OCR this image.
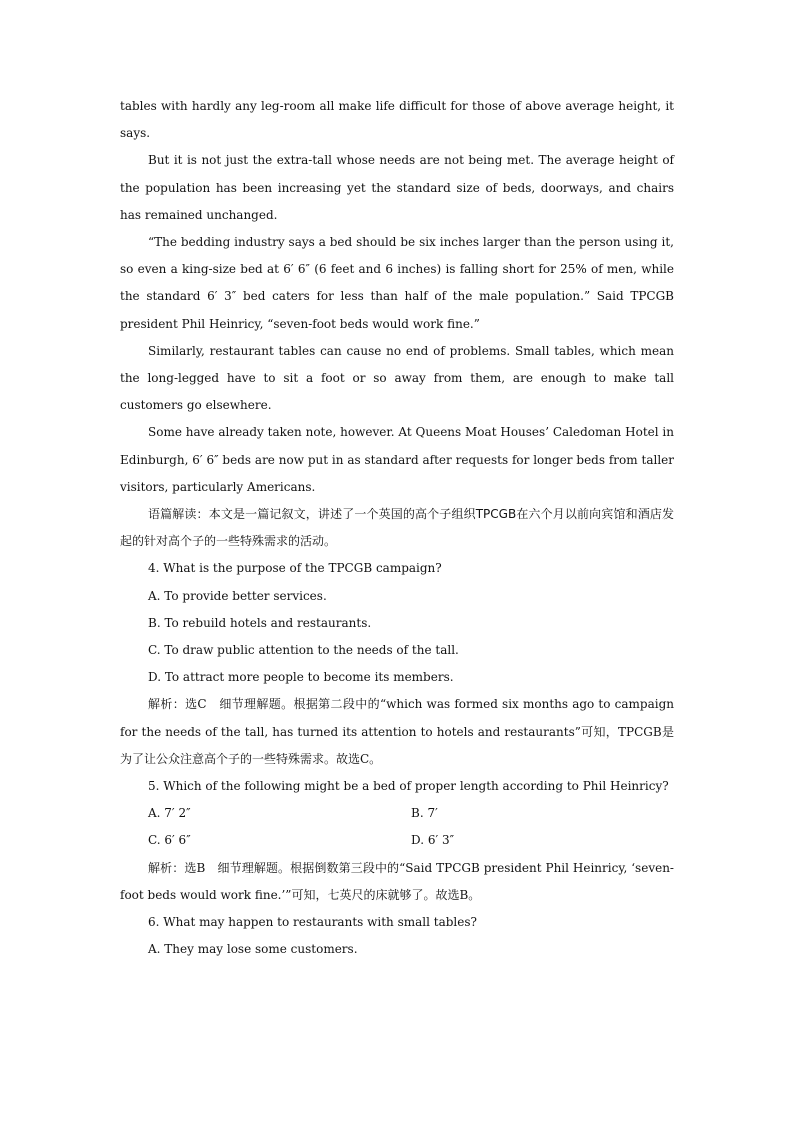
tables with hardly any leg-room all make life difficult for those of above average height, it says.

But it is not just the extra-tall whose needs are not being met. The average height of the population has been increasing yet the standard size of beds, doorways, and chairs has remained unchanged.

“The bedding industry says a bed should be six inches larger than the person using it, so even a king-size bed at 6′ 6″ (6 feet and 6 inches) is falling short for 25% of men, while the standard 6′ 3″ bed caters for less than half of the male population.” Said TPCGB president Phil Heinricy, “seven-foot beds would work fine.”

Similarly, restaurant tables can cause no end of problems. Small tables, which mean the long-legged have to sit a foot or so away from them, are enough to make tall customers go elsewhere.

Some have already taken note, however. At Queens Moat Houses’ Caledoman Hotel in Edinburgh, 6′ 6″ beds are now put in as standard after requests for longer beds from taller visitors, particularly Americans.

语篇解读：本文是一篇记叙文，讲述了一个英国的高个子组织TPCGB在六个月以前向宾馆和酒店发起的针对高个子的一些特殊需求的活动。

4. What is the purpose of the TPCGB campaign?

A. To provide better services.

B. To rebuild hotels and restaurants.

C. To draw public attention to the needs of the tall.

D. To attract more people to become its members.

解析：选C　细节理解题。根据第二段中的“which was formed six months ago to campaign for the needs of the tall, has turned its attention to hotels and restaurants”可知，TPCGB是为了让公众注意高个子的一些特殊需求。故选C。

5. Which of the following might be a bed of proper length according to Phil Heinricy?

A. 7′ 2″	B. 7′
C. 6′ 6″	D. 6′ 3″

解析：选B　细节理解题。根据倒数第三段中的“Said TPCGB president Phil Heinricy, ‘seven-foot beds would work fine.’”可知，七英尺的床就够了。故选B。

6. What may happen to restaurants with small tables?

A. They may lose some customers.
